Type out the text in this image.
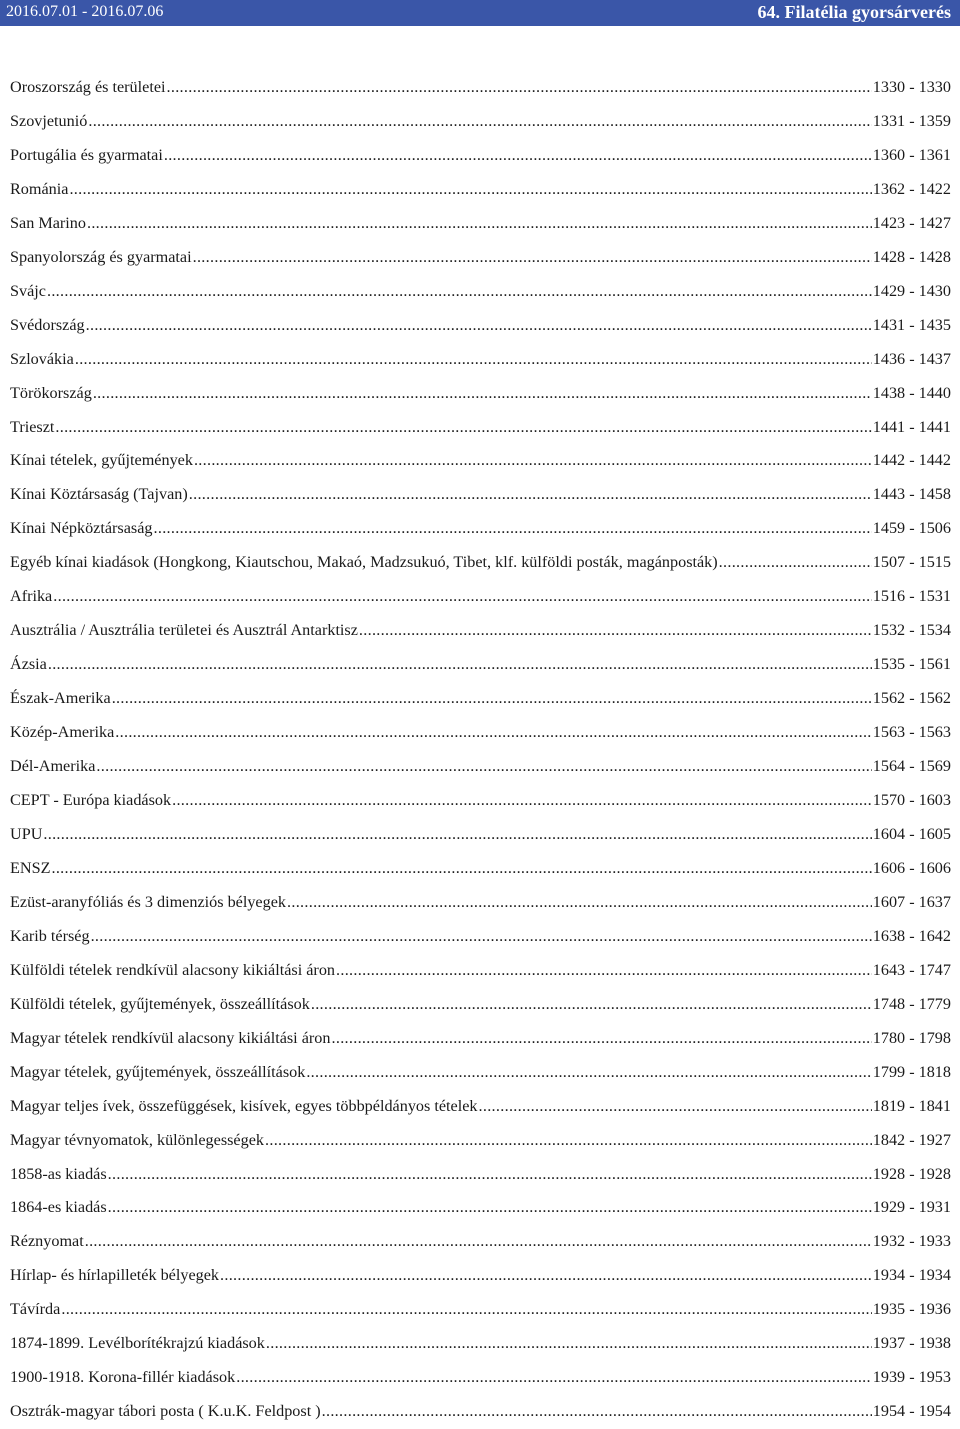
2016.07.01 - 2016.07.06	64. Filatélia gyorsárverés
Oroszország és területei .....	1330 - 1330
Szovjetunió .....	1331 - 1359
Portugália és gyarmatai .....	1360 - 1361
Románia .....	1362 - 1422
San Marino .....	1423 - 1427
Spanyolország és gyarmatai .....	1428 - 1428
Svájc .....	1429 - 1430
Svédország .....	1431 - 1435
Szlovákia .....	1436 - 1437
Törökország .....	1438 - 1440
Trieszt .....	1441 - 1441
Kínai tételek, gyűjtemények .....	1442 - 1442
Kínai Köztársaság (Tajvan) .....	1443 - 1458
Kínai Népköztársaság .....	1459 - 1506
Egyéb kínai kiadások (Hongkong, Kiautschou, Makaó, Madzsukuó, Tibet, klf. külföldi posták, magánposták) .....	1507 - 1515
Afrika .....	1516 - 1531
Ausztrália / Ausztrália területei és Ausztrál Antarktisz .....	1532 - 1534
Ázsia .....	1535 - 1561
Észak-Amerika .....	1562 - 1562
Közép-Amerika .....	1563 - 1563
Dél-Amerika .....	1564 - 1569
CEPT - Európa kiadások .....	1570 - 1603
UPU .....	1604 - 1605
ENSZ .....	1606 - 1606
Ezüst-aranyfóliás és 3 dimenziós bélyegek .....	1607 - 1637
Karib térség .....	1638 - 1642
Külföldi tételek rendkívül alacsony kikiáltási áron .....	1643 - 1747
Külföldi tételek, gyűjtemények, összeállítások .....	1748 - 1779
Magyar tételek rendkívül alacsony kikiáltási áron .....	1780 - 1798
Magyar tételek, gyűjtemények, összeállítások .....	1799 - 1818
Magyar teljes ívek, összefüggések, kisívek, egyes többpéldányos tételek .....	1819 - 1841
Magyar tévnyomatok, különlegességek .....	1842 - 1927
1858-as kiadás .....	1928 - 1928
1864-es kiadás .....	1929 - 1931
Réznyomat .....	1932 - 1933
Hírlap- és hírlapilleték bélyegek .....	1934 - 1934
Távírda .....	1935 - 1936
1874-1899. Levélborítékrajzú kiadások .....	1937 - 1938
1900-1918. Korona-fillér kiadások .....	1939 - 1953
Osztrák-magyar tábori posta ( K.u.K. Feldpost ) .....	1954 - 1954
